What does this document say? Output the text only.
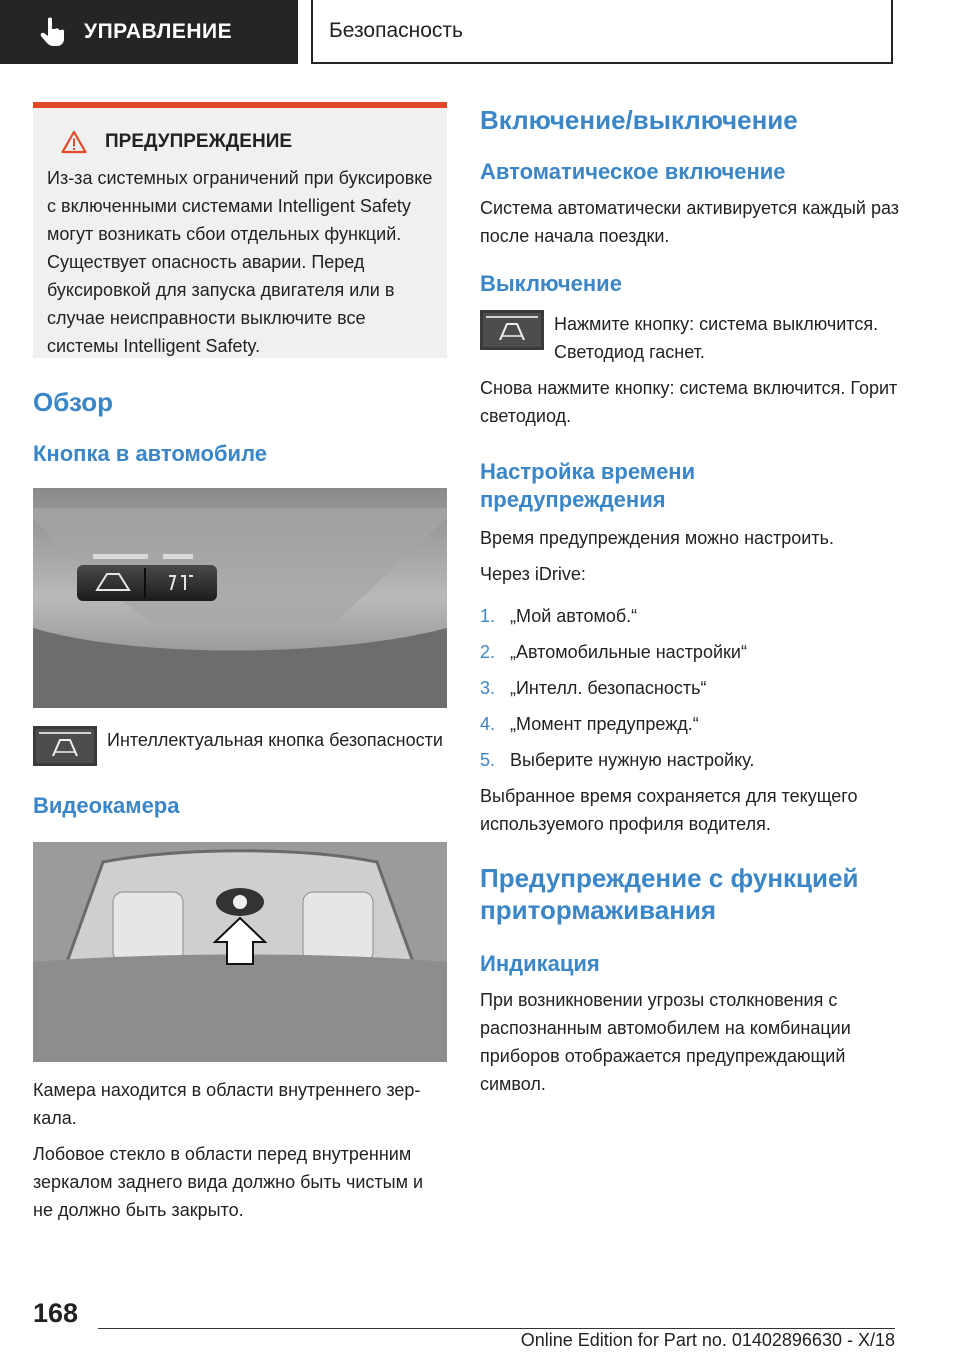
УПРАВЛЕНИЕ	Безопасность
ПРЕДУПРЕЖДЕНИЕ

Из-за системных ограничений при буксировке с включенными системами Intelligent Safety могут возникать сбои отдельных функций. Существует опасность аварии. Перед буксировкой для запуска двигателя или в случае неисправности выключите все системы Intelligent Safety.

Обзор
Кнопка в автомобиле

Интеллектуальная кнопка безопасности

Видеокамера

Камера находится в области внутреннего зеркала.

Лобовое стекло в области перед внутренним зеркалом заднего вида должно быть чистым и не должно быть закрыто.

Включение/выключение
Автоматическое включение

Система автоматически активируется каждый раз после начала поездки.

Выключение

Нажмите кнопку: система выключится. Светодиод гаснет.

Снова нажмите кнопку: система включится. Горит светодиод.

Настройка времени предупреждения

Время предупреждения можно настроить.

Через iDrive:

1. „Мой автомоб.“
2. „Автомобильные настройки“
3. „Интелл. безопасность“
4. „Момент предупрежд.“
5. Выберите нужную настройку.

Выбранное время сохраняется для текущего используемого профиля водителя.

Предупреждение с функцией притормаживания
Индикация

При возникновении угрозы столкновения с распознанным автомобилем на комбинации приборов отображается предупреждающий символ.

168
Online Edition for Part no. 01402896630 - X/18
